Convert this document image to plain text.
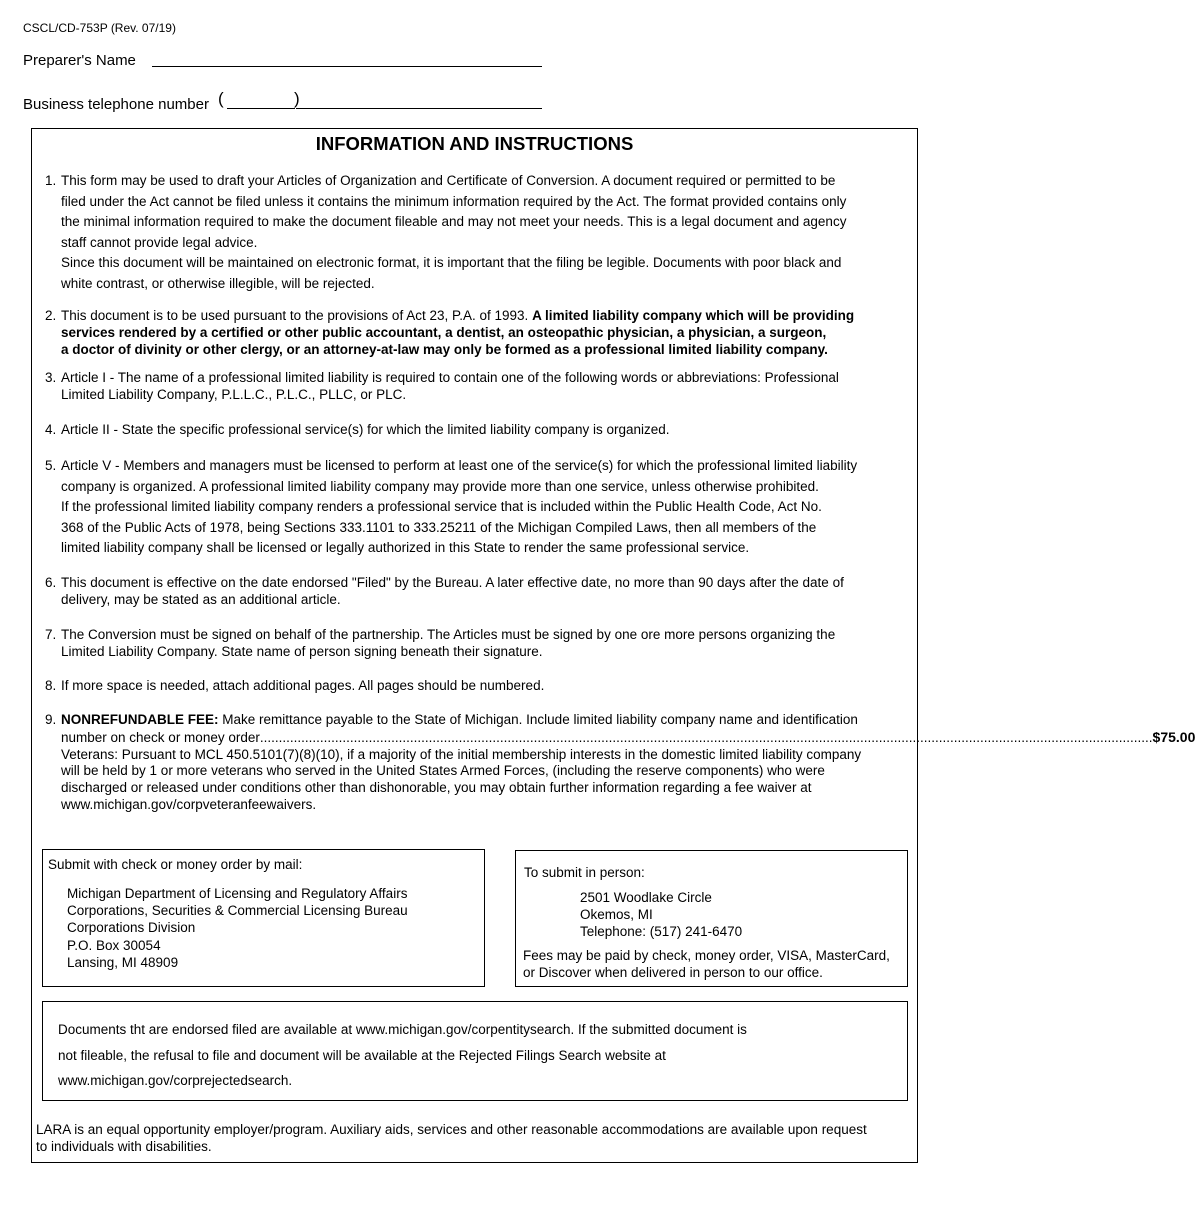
CSCL/CD-753P (Rev. 07/19)
Preparer's Name
Business telephone number (	)
INFORMATION AND INSTRUCTIONS
1. This form may be used to draft your Articles of Organization and Certificate of Conversion. A document required or permitted to be
filed under the Act cannot be filed unless it contains the minimum information required by the Act. The format provided contains only
the minimal information required to make the document fileable and may not meet your needs. This is a legal document and agency
staff cannot provide legal advice.
Since this document will be maintained on electronic format, it is important that the filing be legible. Documents with poor black and
white contrast, or otherwise illegible, will be rejected.
2. This document is to be used pursuant to the provisions of Act 23, P.A. of 1993. A limited liability company which will be providing
services rendered by a certified or other public accountant, a dentist, an osteopathic physician, a physician, a surgeon,
a doctor of divinity or other clergy, or an attorney-at-law may only be formed as a professional limited liability company.
3. Article I - The name of a professional limited liability is required to contain one of the following words or abbreviations: Professional
Limited Liability Company, P.L.L.C., P.L.C., PLLC, or PLC.
4. Article II - State the specific professional service(s) for which the limited liability company is organized.
5. Article V - Members and managers must be licensed to perform at least one of the service(s) for which the professional limited liability
company is organized. A professional limited liability company may provide more than one service, unless otherwise prohibited.
If the professional limited liability company renders a professional service that is included within the Public Health Code, Act No.
368 of the Public Acts of 1978, being Sections 333.1101 to 333.25211 of the Michigan Compiled Laws, then all members of the
limited liability company shall be licensed or legally authorized in this State to render the same professional service.
6. This document is effective on the date endorsed "Filed" by the Bureau. A later effective date, no more than 90 days after the date of
delivery, may be stated as an additional article.
7. The Conversion must be signed on behalf of the partnership. The Articles must be signed by one ore more persons organizing the
Limited Liability Company. State name of person signing beneath their signature.
8. If more space is needed, attach additional pages. All pages should be numbered.
9. NONREFUNDABLE FEE: Make remittance payable to the State of Michigan. Include limited liability company name and identification
number on check or money order .............................................................................................................................................................................................................................................. $75.00
Veterans: Pursuant to MCL 450.5101(7)(8)(10), if a majority of the initial membership interests in the domestic limited liability company
will be held by 1 or more veterans who served in the United States Armed Forces, (including the reserve components) who were
discharged or released under conditions other than dishonorable, you may obtain further information regarding a fee waiver at
www.michigan.gov/corpveteranfeewaivers.
LARA is an equal opportunity employer/program. Auxiliary aids, services and other reasonable accommodations are available upon request
to individuals with disabilities.
Submit with check or money order by mail:
Michigan Department of Licensing and Regulatory Affairs
Corporations, Securities & Commercial Licensing Bureau
Corporations Division
P.O. Box 30054
Lansing, MI 48909
To submit in person:
2501 Woodlake Circle
Okemos, MI
Telephone: (517) 241-6470
Fees may be paid by check, money order, VISA, MasterCard,
or Discover when delivered in person to our office.
Documents tht are endorsed filed are available at www.michigan.gov/corpentitysearch. If the submitted document is
not fileable, the refusal to file and document will be available at the Rejected Filings Search website at
www.michigan.gov/corprejectedsearch.
